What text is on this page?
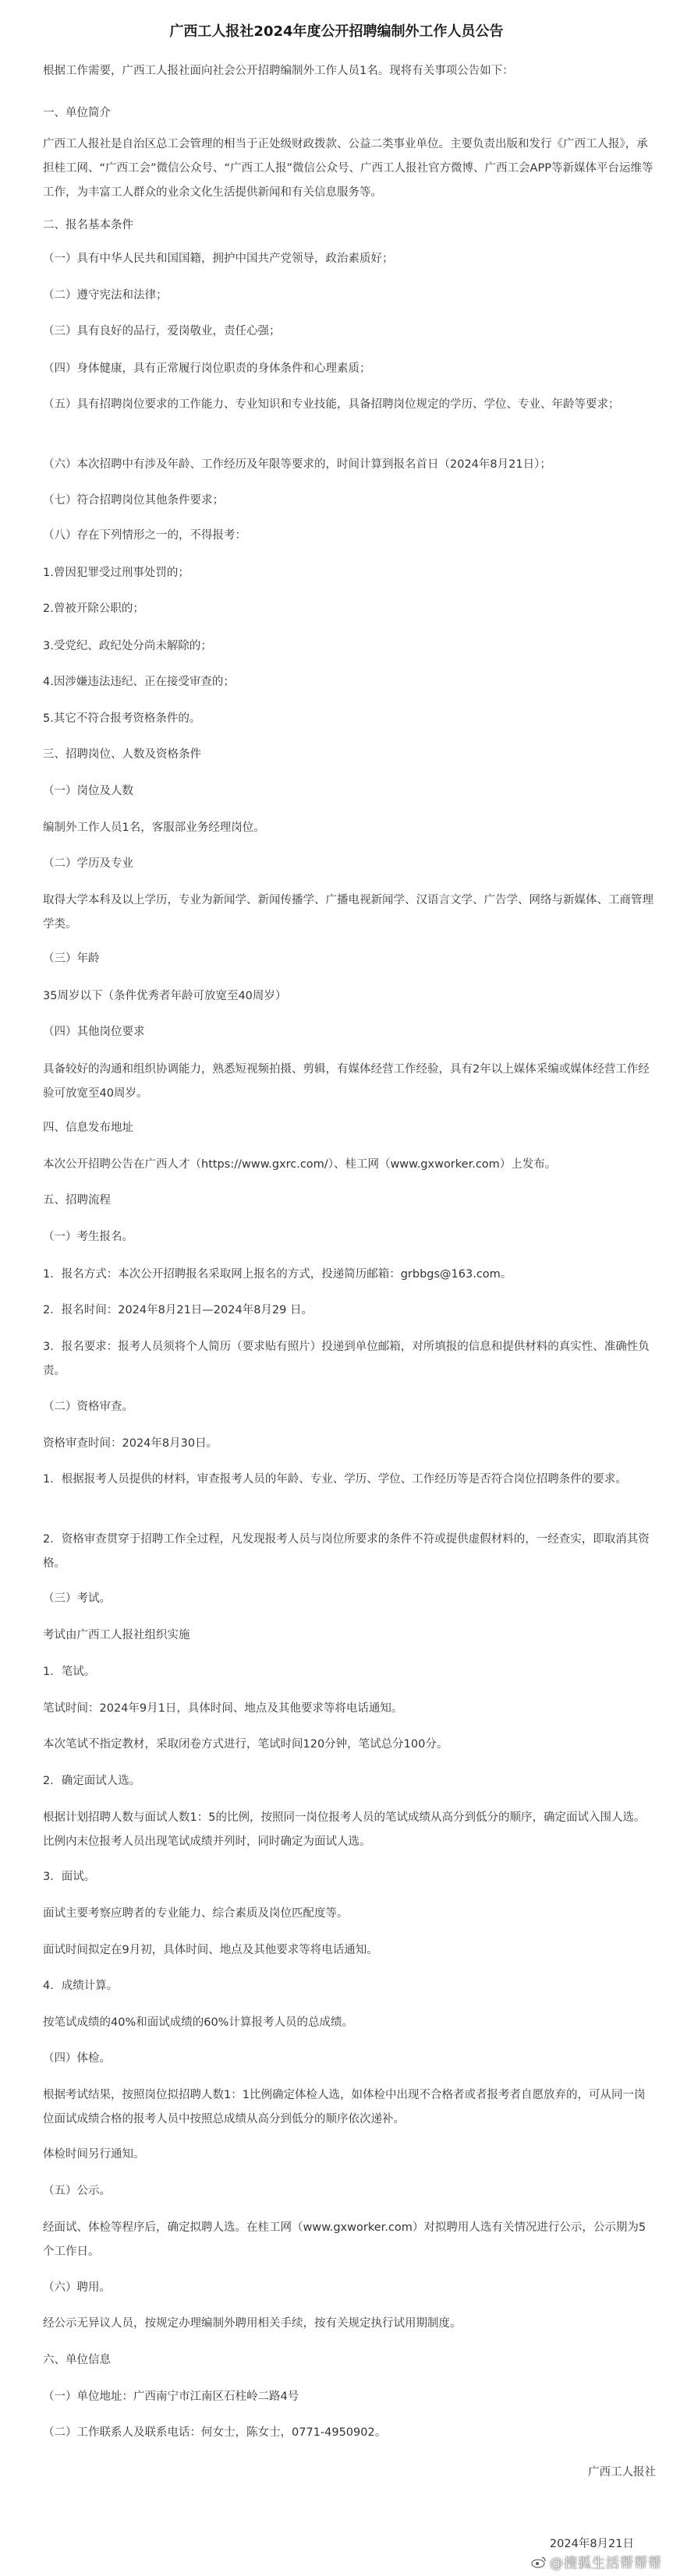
广西工人报社2024年度公开招聘编制外工作人员公告
根据工作需要，广西工人报社面向社会公开招聘编制外工作人员1名。现将有关事项公告如下：
一、单位简介
广西工人报社是自治区总工会管理的相当于正处级财政拨款、公益二类事业单位。主要负责出版和发行《广西工人报》，承担桂工网、“广西工会”微信公众号、“广西工人报”微信公众号、广西工人报社官方微博、广西工会APP等新媒体平台运维等工作，为丰富工人群众的业余文化生活提供新闻和有关信息服务等。
二、报名基本条件
（一）具有中华人民共和国国籍，拥护中国共产党领导，政治素质好；
（二）遵守宪法和法律；
（三）具有良好的品行，爱岗敬业，责任心强；
（四）身体健康，具有正常履行岗位职责的身体条件和心理素质；
（五）具有招聘岗位要求的工作能力、专业知识和专业技能，具备招聘岗位规定的学历、学位、专业、年龄等要求；
（六）本次招聘中有涉及年龄、工作经历及年限等要求的，时间计算到报名首日（2024年8月21日）；
（七）符合招聘岗位其他条件要求；
（八）存在下列情形之一的，不得报考：
1.曾因犯罪受过刑事处罚的；
2.曾被开除公职的；
3.受党纪、政纪处分尚未解除的；
4.因涉嫌违法违纪、正在接受审查的；
5.其它不符合报考资格条件的。
三、招聘岗位、人数及资格条件
（一）岗位及人数
编制外工作人员1名，客服部业务经理岗位。
（二）学历及专业
取得大学本科及以上学历，专业为新闻学、新闻传播学、广播电视新闻学、汉语言文学、广告学、网络与新媒体、工商管理学类。
（三）年龄
35周岁以下（条件优秀者年龄可放宽至40周岁）
（四）其他岗位要求
具备较好的沟通和组织协调能力，熟悉短视频拍摄、剪辑，有媒体经营工作经验，具有2年以上媒体采编或媒体经营工作经验可放宽至40周岁。
四、信息发布地址
本次公开招聘公告在广西人才（https://www.gxrc.com/）、桂工网（www.gxworker.com）上发布。
五、招聘流程
（一）考生报名。
1．报名方式：本次公开招聘报名采取网上报名的方式，投递简历邮箱：grbbgs@163.com。
2．报名时间：2024年8月21日—2024年8月29 日。
3．报名要求：报考人员须将个人简历（要求贴有照片）投递到单位邮箱，对所填报的信息和提供材料的真实性、准确性负责。
（二）资格审查。
资格审查时间：2024年8月30日。
1．根据报考人员提供的材料，审查报考人员的年龄、专业、学历、学位、工作经历等是否符合岗位招聘条件的要求。
2．资格审查贯穿于招聘工作全过程，凡发现报考人员与岗位所要求的条件不符或提供虚假材料的，一经查实，即取消其资格。
（三）考试。
考试由广西工人报社组织实施
1．笔试。
笔试时间：2024年9月1日，具体时间、地点及其他要求等将电话通知。
本次笔试不指定教材，采取闭卷方式进行，笔试时间120分钟，笔试总分100分。
2．确定面试人选。
根据计划招聘人数与面试人数1：5的比例，按照同一岗位报考人员的笔试成绩从高分到低分的顺序，确定面试入围人选。比例内末位报考人员出现笔试成绩并列时，同时确定为面试人选。
3．面试。
面试主要考察应聘者的专业能力、综合素质及岗位匹配度等。
面试时间拟定在9月初，具体时间、地点及其他要求等将电话通知。
4．成绩计算。
按笔试成绩的40%和面试成绩的60%计算报考人员的总成绩。
（四）体检。
根据考试结果，按照岗位拟招聘人数1：1比例确定体检人选，如体检中出现不合格者或者报考者自愿放弃的，可从同一岗位面试成绩合格的报考人员中按照总成绩从高分到低分的顺序依次递补。
体检时间另行通知。
（五）公示。
经面试、体检等程序后，确定拟聘人选。在桂工网（www.gxworker.com）对拟聘用人选有关情况进行公示，公示期为5个工作日。
（六）聘用。
经公示无异议人员，按规定办理编制外聘用相关手续，按有关规定执行试用期制度。
六、单位信息
（一）单位地址：广西南宁市江南区石柱岭二路4号
（二）工作联系人及联系电话：何女士，陈女士，0771-4950902。
广西工人报社
2024年8月21日
@搜狐生活帮帮帮
